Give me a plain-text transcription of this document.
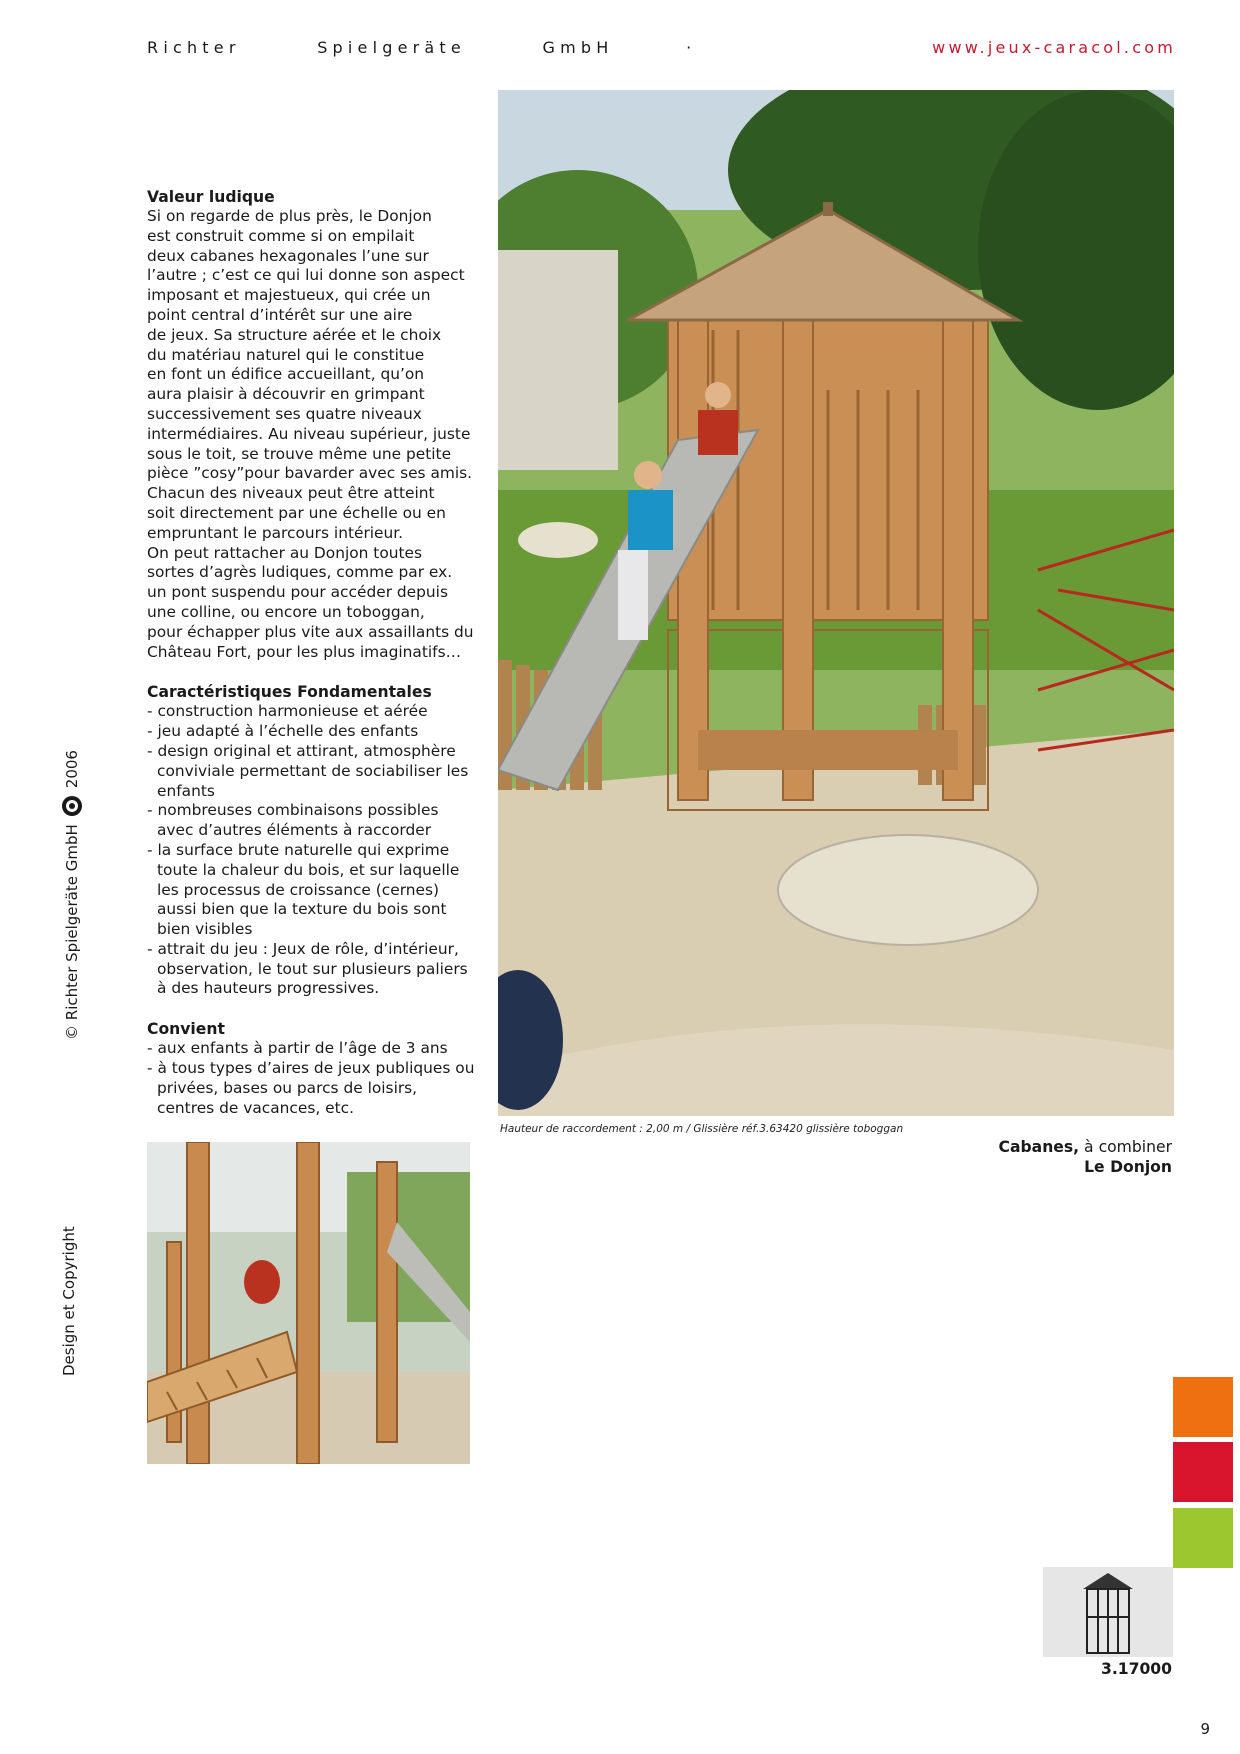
Richter	Spielgeräte	GmbH	·	www.jeux-caracol.com
Hauteur de raccordement : 2,00 m / Glissière réf.3.63420 glissière toboggan
Cabanes, à combiner
Le Donjon
Valeur ludique
Si on regarde de plus près, le Donjon
est construit comme si on empilait
deux cabanes hexagonales l’une sur
l’autre ; c’est ce qui lui donne son aspect
imposant et majestueux, qui crée un
point central d’intérêt sur une aire
de jeux. Sa structure aérée et le choix
du matériau naturel qui le constitue
en font un édifice accueillant, qu’on
aura plaisir à découvrir en grimpant
successivement ses quatre niveaux
intermédiaires. Au niveau supérieur, juste
sous le toit, se trouve même une petite
pièce ”cosy”pour bavarder avec ses amis.
Chacun des niveaux peut être atteint
soit directement par une échelle ou en
empruntant le parcours intérieur.
On peut rattacher au Donjon toutes
sortes d’agrès ludiques, comme par ex.
un pont suspendu pour accéder depuis
une colline, ou encore un toboggan,
pour échapper plus vite aux assaillants du
Château Fort, pour les plus imaginatifs…
Caractéristiques Fondamentales
- construction harmonieuse et aérée
- jeu adapté à l’échelle des enfants
- design original et attirant, atmosphère conviviale permettant de sociabiliser les enfants
- nombreuses combinaisons possibles avec d’autres éléments à raccorder
- la surface brute naturelle qui exprime toute la chaleur du bois, et sur laquelle les processus de croissance (cernes) aussi bien que la texture du bois sont bien visibles
- attrait du jeu : Jeux de rôle, d’intérieur, observation, le tout sur plusieurs paliers à des hauteurs progressives.
Convient
- aux enfants à partir de l’âge de 3 ans
- à tous types d’aires de jeux publiques ou privées, bases ou parcs de loisirs, centres de vacances, etc.
© Richter Spielgeräte GmbH
2006
Design et Copyright
3.17000
9
